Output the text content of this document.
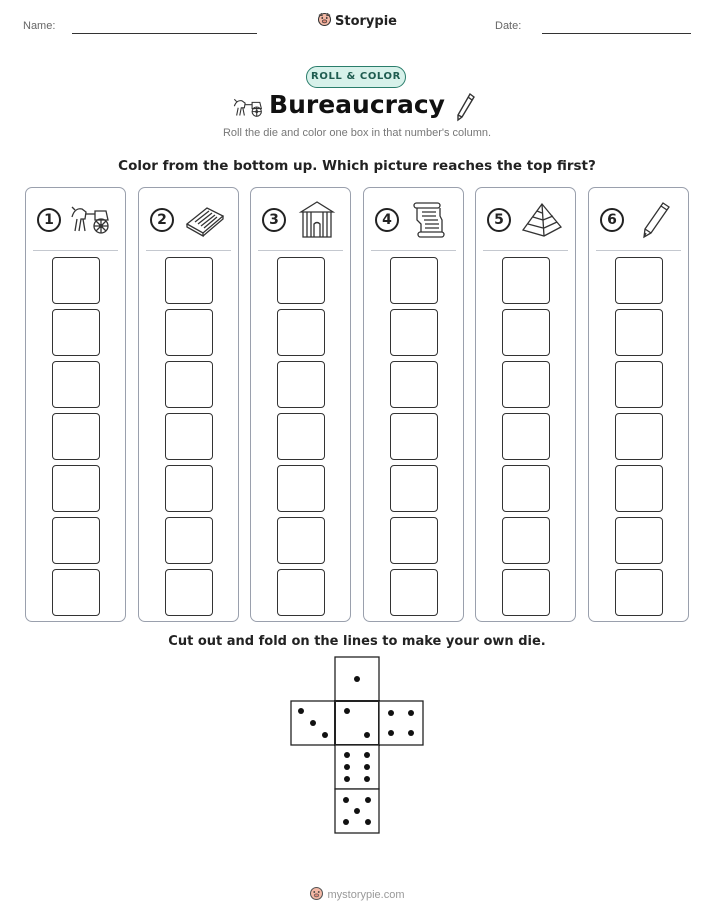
Name:	Date:
Storypie
ROLL & COLOR
Bureaucracy
Roll the die and color one box in that number's column.
Color from the bottom up. Which picture reaches the top first?
1	2	3	4	5	6
Cut out and fold on the lines to make your own die.
mystorypie.com
